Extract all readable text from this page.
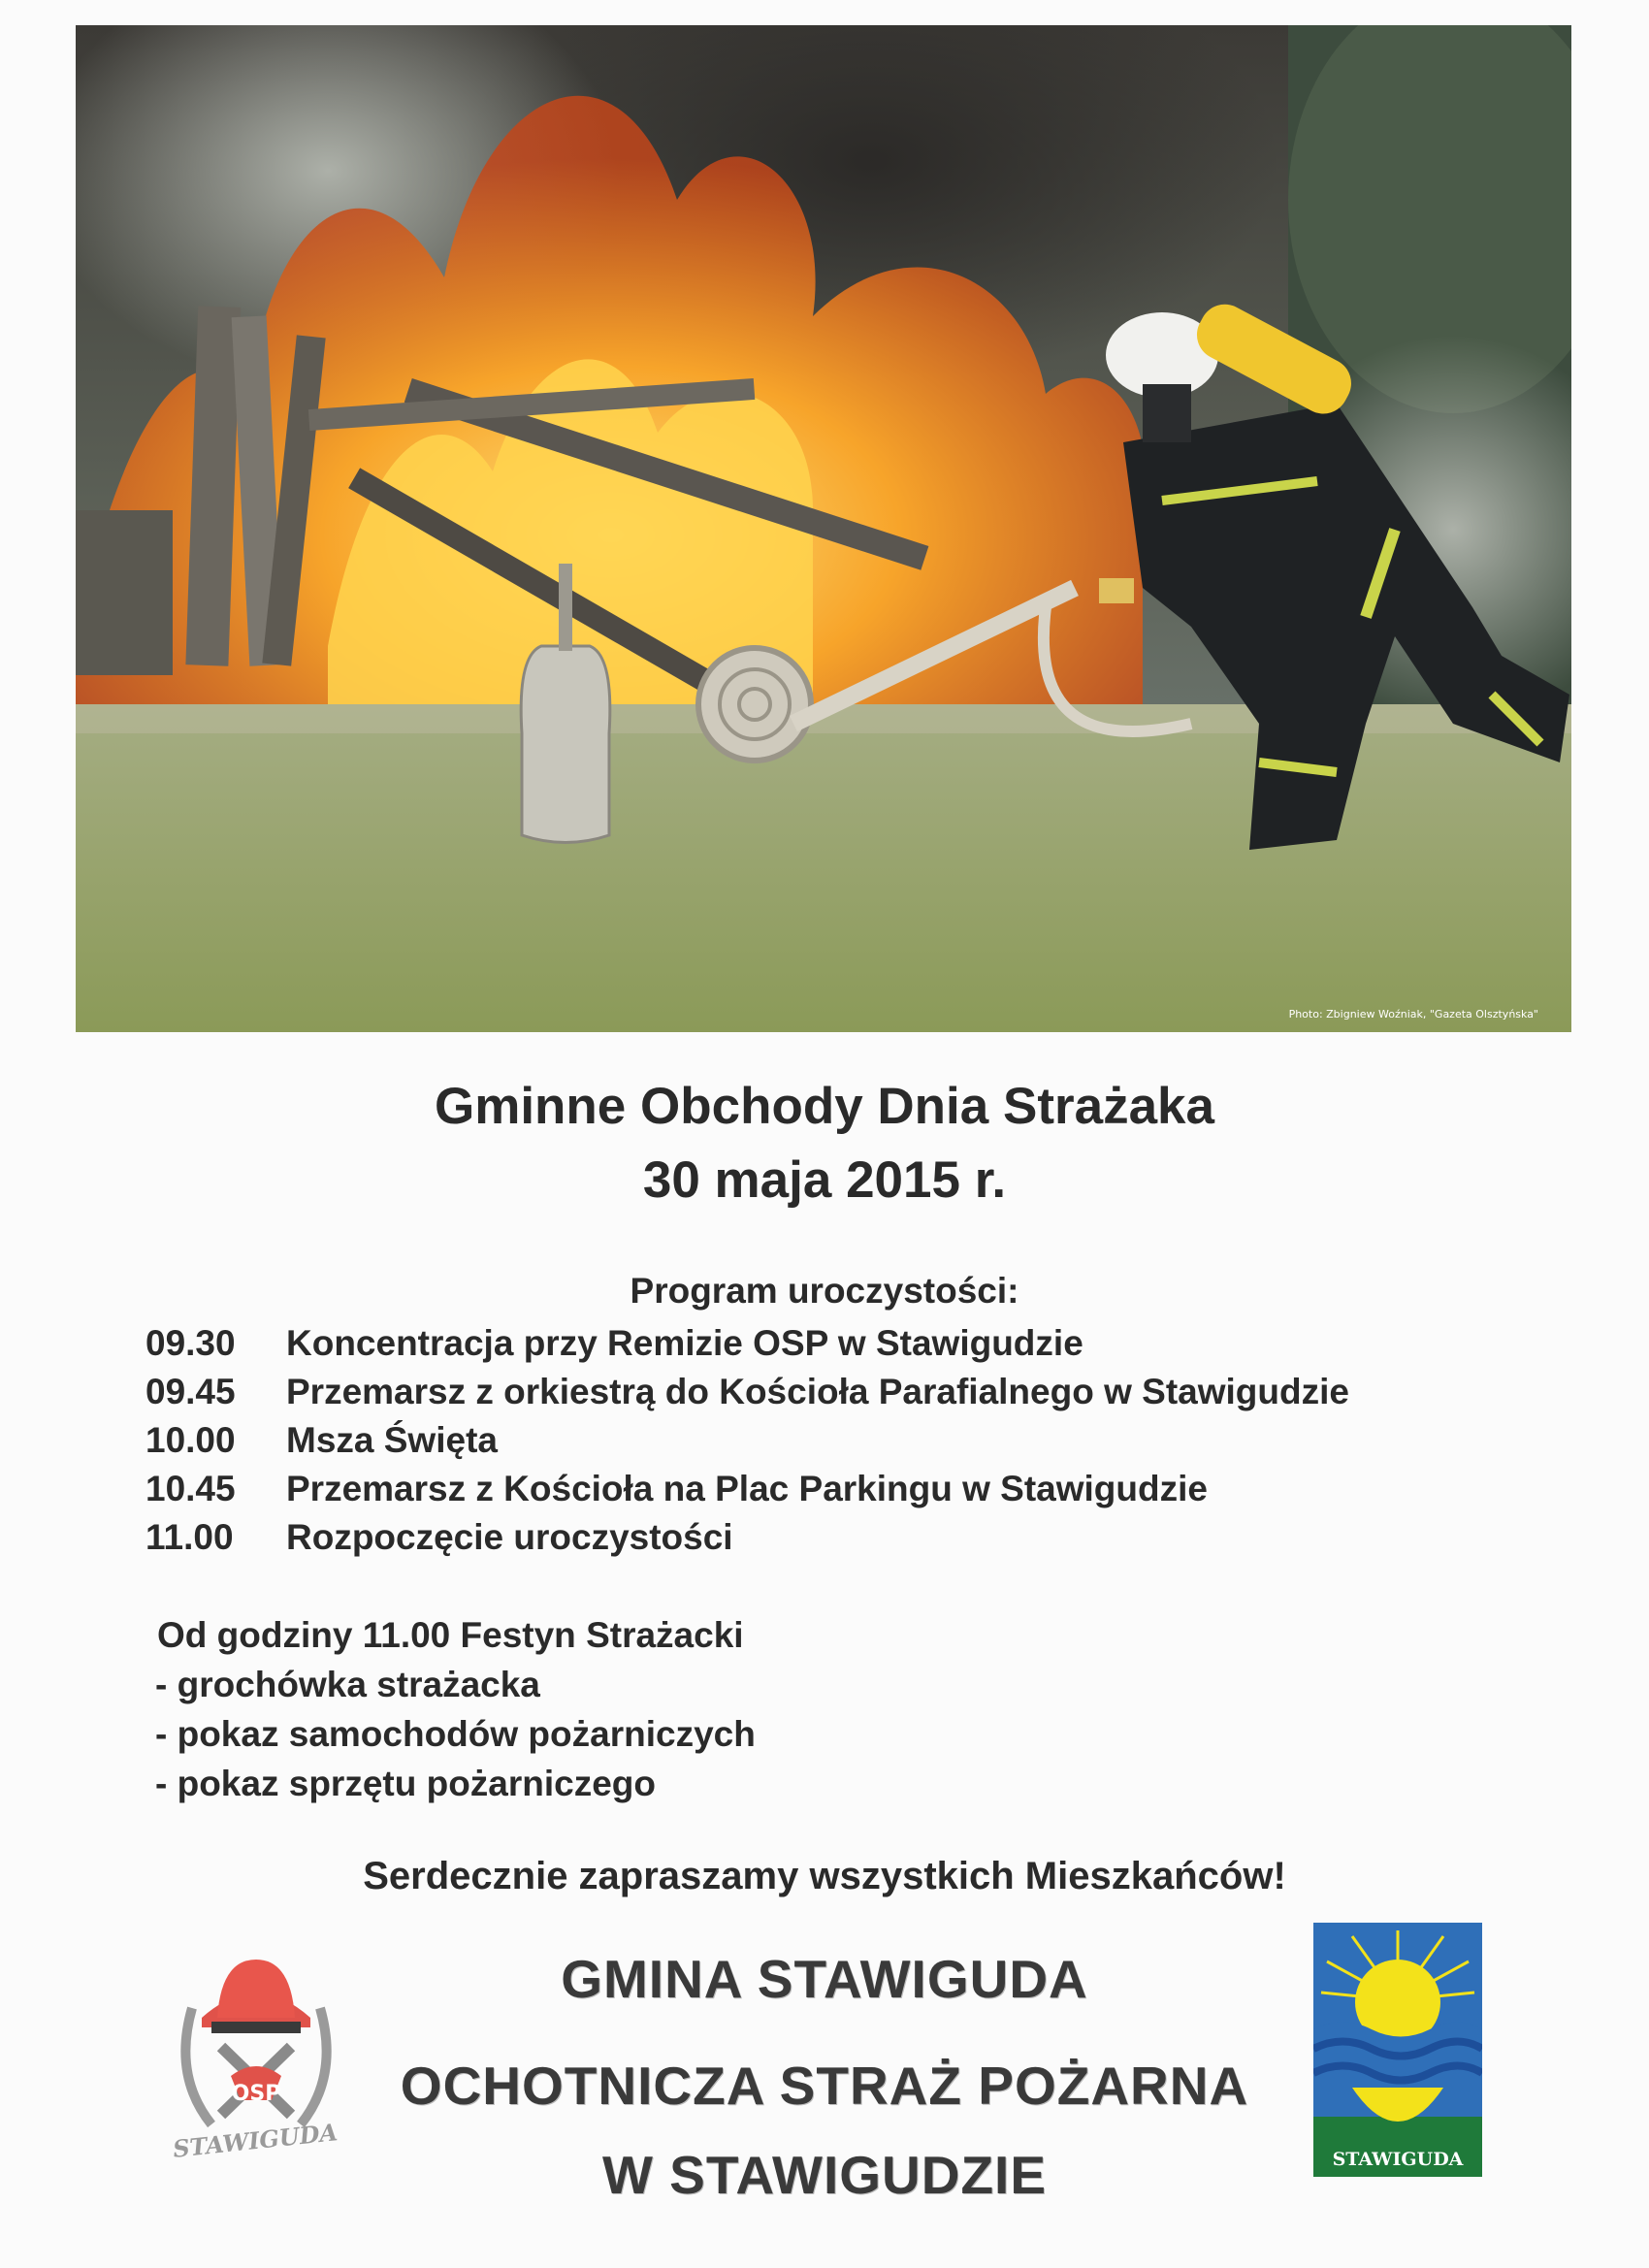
Photo: Zbigniew Woźniak, "Gazeta Olsztyńska"
Gminne Obchody Dnia Strażaka
30 maja 2015 r.
Program uroczystości:
09.30 Koncentracja przy Remizie OSP w Stawigudzie
09.45 Przemarsz z orkiestrą do Kościoła Parafialnego w Stawigudzie
10.00 Msza Święta
10.45 Przemarsz z Kościoła na Plac Parkingu w Stawigudzie
11.00 Rozpoczęcie uroczystości
Od godziny 11.00 Festyn Strażacki
- grochówka strażacka
- pokaz samochodów pożarniczych
- pokaz sprzętu pożarniczego
Serdecznie zapraszamy wszystkich Mieszkańców!
OSP
STAWIGUDA
GMINA STAWIGUDA
OCHOTNICZA STRAŻ POŻARNA
W STAWIGUDZIE	STAWIGUDA
